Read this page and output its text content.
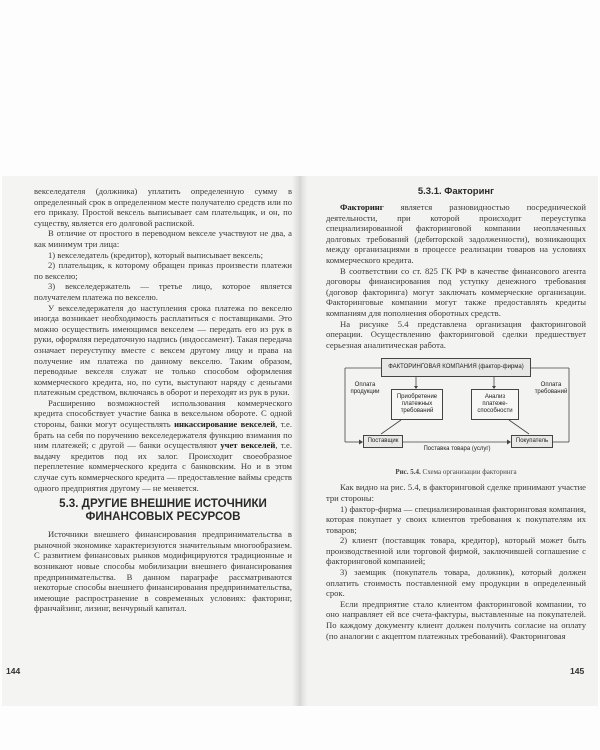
векселедателя (должника) уплатить определенную сумму в определенный срок в определенном месте получателю средств или по его приказу. Простой вексель выписывает сам плательщик, и он, по существу, является его долговой распиской.

В отличие от простого в переводном векселе участвуют не два, а как минимум три лица:

1) векселедатель (кредитор), который выписывает вексель;

2) плательщик, к которому обращен приказ произвести платежи по векселю;

3) векселедержатель — третье лицо, которое является получателем платежа по векселю.

У векселедержателя до наступления срока платежа по векселю иногда возникает необходимость расплатиться с поставщиками. Это можно осуществить имеющимся векселем — передать его из рук в руки, оформляя передаточную надпись (индоссамент). Такая передача означает переуступку вместе с вексем другому лицу и права на получение им платежа по данному векселю. Таким образом, переводные векселя служат не только способом оформления коммерческого кредита, но, по сути, выступают наряду с деньгами платежным средством, включаясь в оборот и переходят из рук в руки.

Расширению возможностей использования коммерческого кредита способствует участие банка в вексельном обороте. С одной стороны, банки могут осуществлять инкассирование векселей, т.е. брать на себя по поручению векселедержателя функцию взимания по ним платежей; с другой — банки осуществляют учет векселей, т.е. выдачу кредитов под их залог. Происходит своеобразное переплетение коммерческого кредита с банковским. Но и в этом случае суть коммерческого кредита — предоставление ваймы средств одного предприятия другому — не меняется.

5.3. ДРУГИЕ ВНЕШНИЕ ИСТОЧНИКИ ФИНАНСОВЫХ РЕСУРСОВ

Источники внешнего финансирования предпринимательства в рыночной экономике характеризуются значительным многообразием. С развитием финансовых рынков модифицируются традиционные и возникают новые способы мобилизации внешнего финансирования предпринимательства. В данном параграфе рассматриваются некоторые способы внешнего финансирования предпринимательства, имеющие распространение в современных условиях: факторинг, франчайзинг, лизинг, венчурный капитал.

144
5.3.1. Факторинг

Факторинг является разновидностью посреднической деятельности, при которой происходит переуступка специализированной факторинговой компании неоплаченных долговых требований (дебиторской задолженности), возникающих между организациями в процессе реализации товаров на условиях коммерческого кредита.

В соответствии со ст. 825 ГК РФ в качестве финансового агента договоры финансирования под уступку денежного требования (договор факторинга) могут заключать коммерческие организации. Факторинговые компании могут также предоставлять кредиты компаниям для пополнения оборотных средств.

На рисунке 5.4 представлена организация факторинговой операции. Осуществлению факторинговой сделки предшествует серьезная аналитическая работа.

ФАКТОРИНГОВАЯ КОМПАНИЯ (фактор-фирма)
Приобретение платежных требований
Анализ платеже-способности
Оплата продукции
Оплата требований
Поставщик	Покупатель
Поставка товара (услуг)

Рис. 5.4. Схема организации факторинга

Как видно на рис. 5.4, в факторинговой сделке принимают участие три стороны:

1) фактор-фирма — специализированная факторинговая компания, которая покупает у своих клиентов требования к покупателям их товаров;

2) клиент (поставщик товара, кредитор), который может быть производственной или торговой фирмой, заключившей соглашение с факторинговой компанией;

3) заемщик (покупатель товара, должник), который должен оплатить стоимость поставленной ему продукции в определенный срок.

Если предприятие стало клиентом факторинговой компании, то оно направляет ей все счета-фактуры, выставленные на покупателей. По каждому документу клиент должен получить согласие на оплату (по аналогии с акцептом платежных требований). Факторинговая

145
